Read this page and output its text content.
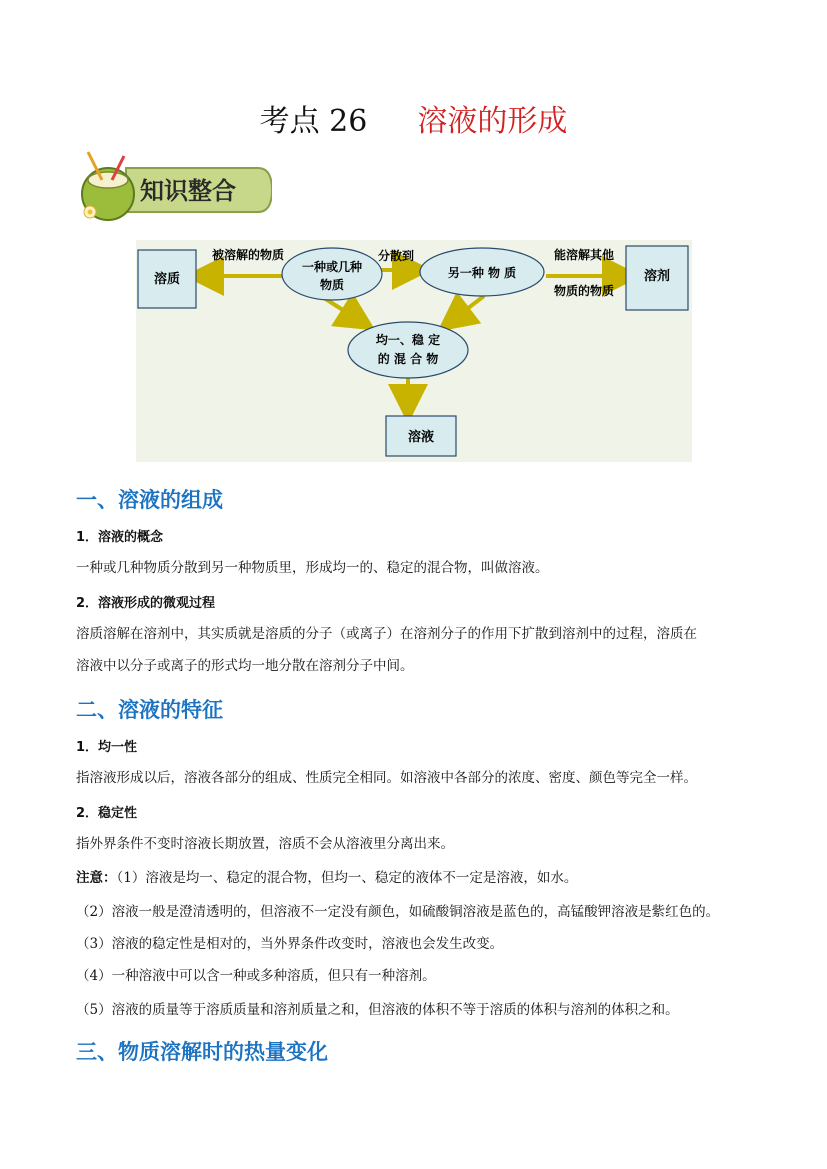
考点 26 溶液的形成
知识整合
被溶解的物质	分散到	能溶解其他
物质的物质
溶质
一种或几种
物质
另一种 物 质	溶剂
均一、稳 定
的 混 合 物
溶液
一、溶液的组成
1．溶液的概念
一种或几种物质分散到另一种物质里，形成均一的、稳定的混合物，叫做溶液。
2．溶液形成的微观过程
溶质溶解在溶剂中，其实质就是溶质的分子（或离子）在溶剂分子的作用下扩散到溶剂中的过程，溶质在
溶液中以分子或离子的形式均一地分散在溶剂分子中间。
二、溶液的特征
1．均一性
指溶液形成以后，溶液各部分的组成、性质完全相同。如溶液中各部分的浓度、密度、颜色等完全一样。
2．稳定性
指外界条件不变时溶液长期放置，溶质不会从溶液里分离出来。
注意：（1）溶液是均一、稳定的混合物，但均一、稳定的液体不一定是溶液，如水。
（2）溶液一般是澄清透明的，但溶液不一定没有颜色，如硫酸铜溶液是蓝色的，高锰酸钾溶液是紫红色的。
（3）溶液的稳定性是相对的，当外界条件改变时，溶液也会发生改变。
（4）一种溶液中可以含一种或多种溶质，但只有一种溶剂。
（5）溶液的质量等于溶质质量和溶剂质量之和，但溶液的体积不等于溶质的体积与溶剂的体积之和。
三、物质溶解时的热量变化
